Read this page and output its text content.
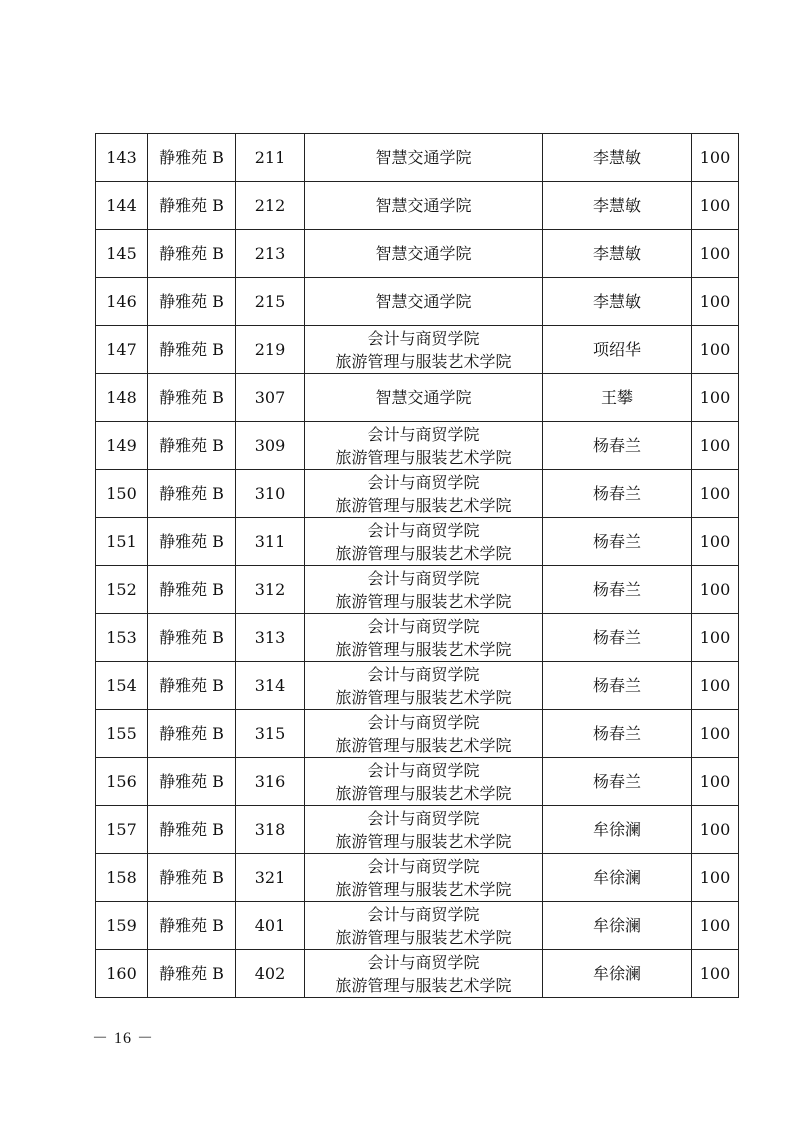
143	静雅苑 B	211	智慧交通学院	李慧敏	100
144	静雅苑 B	212	智慧交通学院	李慧敏	100
145	静雅苑 B	213	智慧交通学院	李慧敏	100
146	静雅苑 B	215	智慧交通学院	李慧敏	100
147	静雅苑 B	219	会计与商贸学院
旅游管理与服装艺术学院	项绍华	100
148	静雅苑 B	307	智慧交通学院	王攀	100
149	静雅苑 B	309	会计与商贸学院
旅游管理与服装艺术学院	杨春兰	100
150	静雅苑 B	310	会计与商贸学院
旅游管理与服装艺术学院	杨春兰	100
151	静雅苑 B	311	会计与商贸学院
旅游管理与服装艺术学院	杨春兰	100
152	静雅苑 B	312	会计与商贸学院
旅游管理与服装艺术学院	杨春兰	100
153	静雅苑 B	313	会计与商贸学院
旅游管理与服装艺术学院	杨春兰	100
154	静雅苑 B	314	会计与商贸学院
旅游管理与服装艺术学院	杨春兰	100
155	静雅苑 B	315	会计与商贸学院
旅游管理与服装艺术学院	杨春兰	100
156	静雅苑 B	316	会计与商贸学院
旅游管理与服装艺术学院	杨春兰	100
157	静雅苑 B	318	会计与商贸学院
旅游管理与服装艺术学院	牟徐澜	100
158	静雅苑 B	321	会计与商贸学院
旅游管理与服装艺术学院	牟徐澜	100
159	静雅苑 B	401	会计与商贸学院
旅游管理与服装艺术学院	牟徐澜	100
160	静雅苑 B	402	会计与商贸学院
旅游管理与服装艺术学院	牟徐澜	100
－ 16 －
